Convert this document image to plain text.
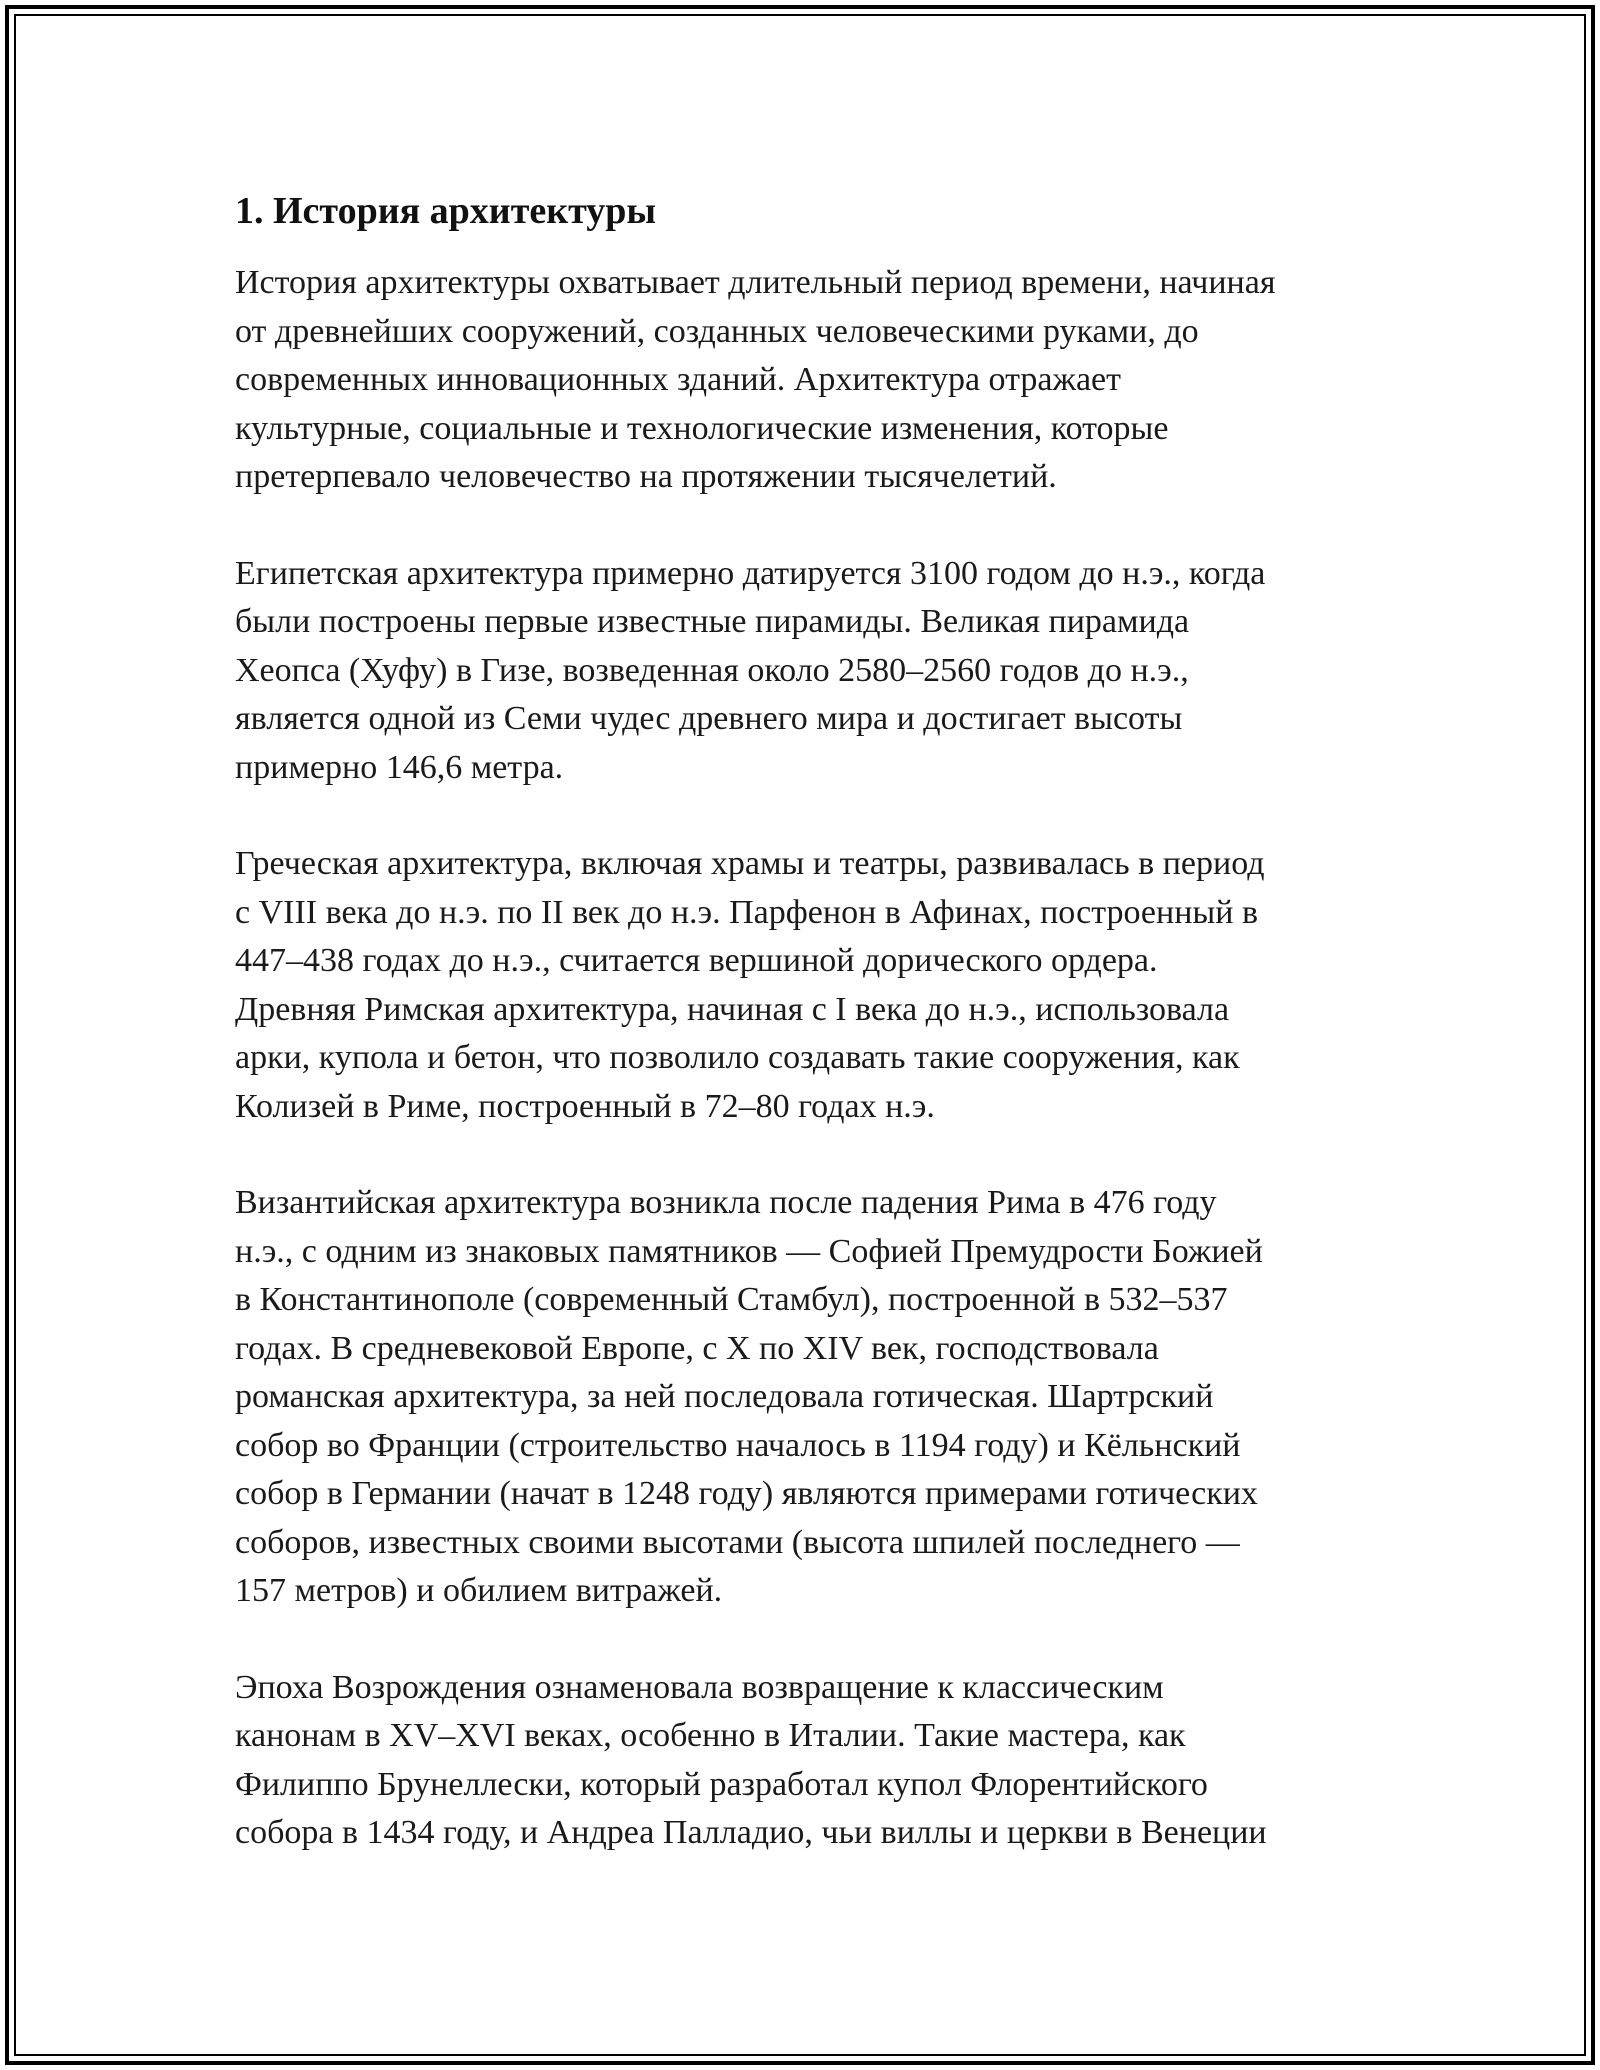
1. История архитектуры

История архитектуры охватывает длительный период времени, начиная
от древнейших сооружений, созданных человеческими руками, до
современных инновационных зданий. Архитектура отражает
культурные, социальные и технологические изменения, которые
претерпевало человечество на протяжении тысячелетий.

Египетская архитектура примерно датируется 3100 годом до н.э., когда
были построены первые известные пирамиды. Великая пирамида
Хеопса (Хуфу) в Гизе, возведенная около 2580–2560 годов до н.э.,
является одной из Семи чудес древнего мира и достигает высоты
примерно 146,6 метра.

Греческая архитектура, включая храмы и театры, развивалась в период
с VIII века до н.э. по II век до н.э. Парфенон в Афинах, построенный в
447–438 годах до н.э., считается вершиной дорического ордера.
Древняя Римская архитектура, начиная с I века до н.э., использовала
арки, купола и бетон, что позволило создавать такие сооружения, как
Колизей в Риме, построенный в 72–80 годах н.э.

Византийская архитектура возникла после падения Рима в 476 году
н.э., с одним из знаковых памятников — Софией Премудрости Божией
в Константинополе (современный Стамбул), построенной в 532–537
годах. В средневековой Европе, с X по XIV век, господствовала
романская архитектура, за ней последовала готическая. Шартрский
собор во Франции (строительство началось в 1194 году) и Кёльнский
собор в Германии (начат в 1248 году) являются примерами готических
соборов, известных своими высотами (высота шпилей последнего —
157 метров) и обилием витражей.

Эпоха Возрождения ознаменовала возвращение к классическим
канонам в XV–XVI веках, особенно в Италии. Такие мастера, как
Филиппо Брунеллески, который разработал купол Флорентийского
собора в 1434 году, и Андреа Палладио, чьи виллы и церкви в Венеции
